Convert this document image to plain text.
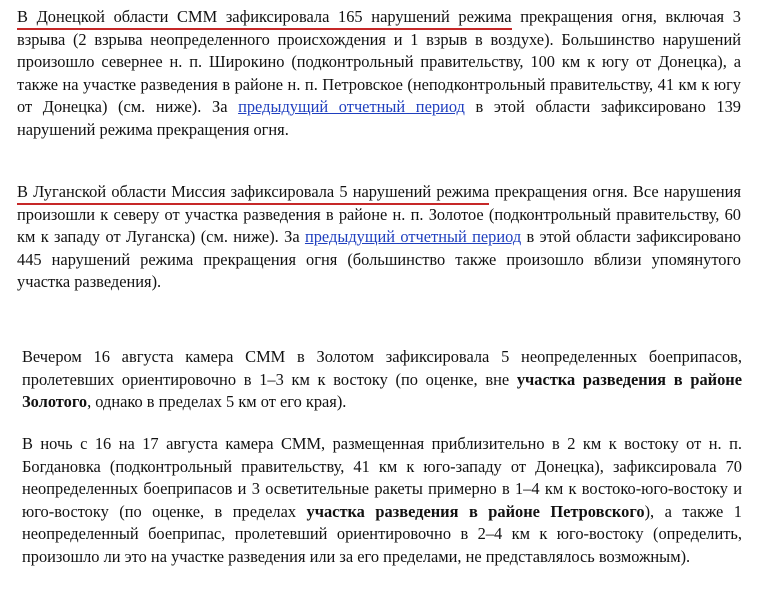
В Донецкой области СММ зафиксировала 165 нарушений режима прекращения огня, включая 3 взрыва (2 взрыва неопределенного происхождения и 1 взрыв в воздухе). Большинство нарушений произошло севернее н. п. Широкино (подконтрольный правительству, 100 км к югу от Донецка), а также на участке разведения в районе н. п. Петровское (неподконтрольный правительству, 41 км к югу от Донецка) (см. ниже). За предыдущий отчетный период в этой области зафиксировано 139 нарушений режима прекращения огня.

В Луганской области Миссия зафиксировала 5 нарушений режима прекращения огня. Все нарушения произошли к северу от участка разведения в районе н. п. Золотое (подконтрольный правительству, 60 км к западу от Луганска) (см. ниже). За предыдущий отчетный период в этой области зафиксировано 445 нарушений режима прекращения огня (большинство также произошло вблизи упомянутого участка разведения).

Вечером 16 августа камера СММ в Золотом зафиксировала 5 неопределенных боеприпасов, пролетевших ориентировочно в 1–3 км к востоку (по оценке, вне участка разведения в районе Золотого, однако в пределах 5 км от его края).

В ночь с 16 на 17 августа камера СММ, размещенная приблизительно в 2 км к востоку от н. п. Богдановка (подконтрольный правительству, 41 км к юго-западу от Донецка), зафиксировала 70 неопределенных боеприпасов и 3 осветительные ракеты примерно в 1–4 км к востоко-юго-востоку и юго-востоку (по оценке, в пределах участка разведения в районе Петровского), а также 1 неопределенный боеприпас, пролетевший ориентировочно в 2–4 км к юго-востоку (определить, произошло ли это на участке разведения или за его пределами, не представлялось возможным).
